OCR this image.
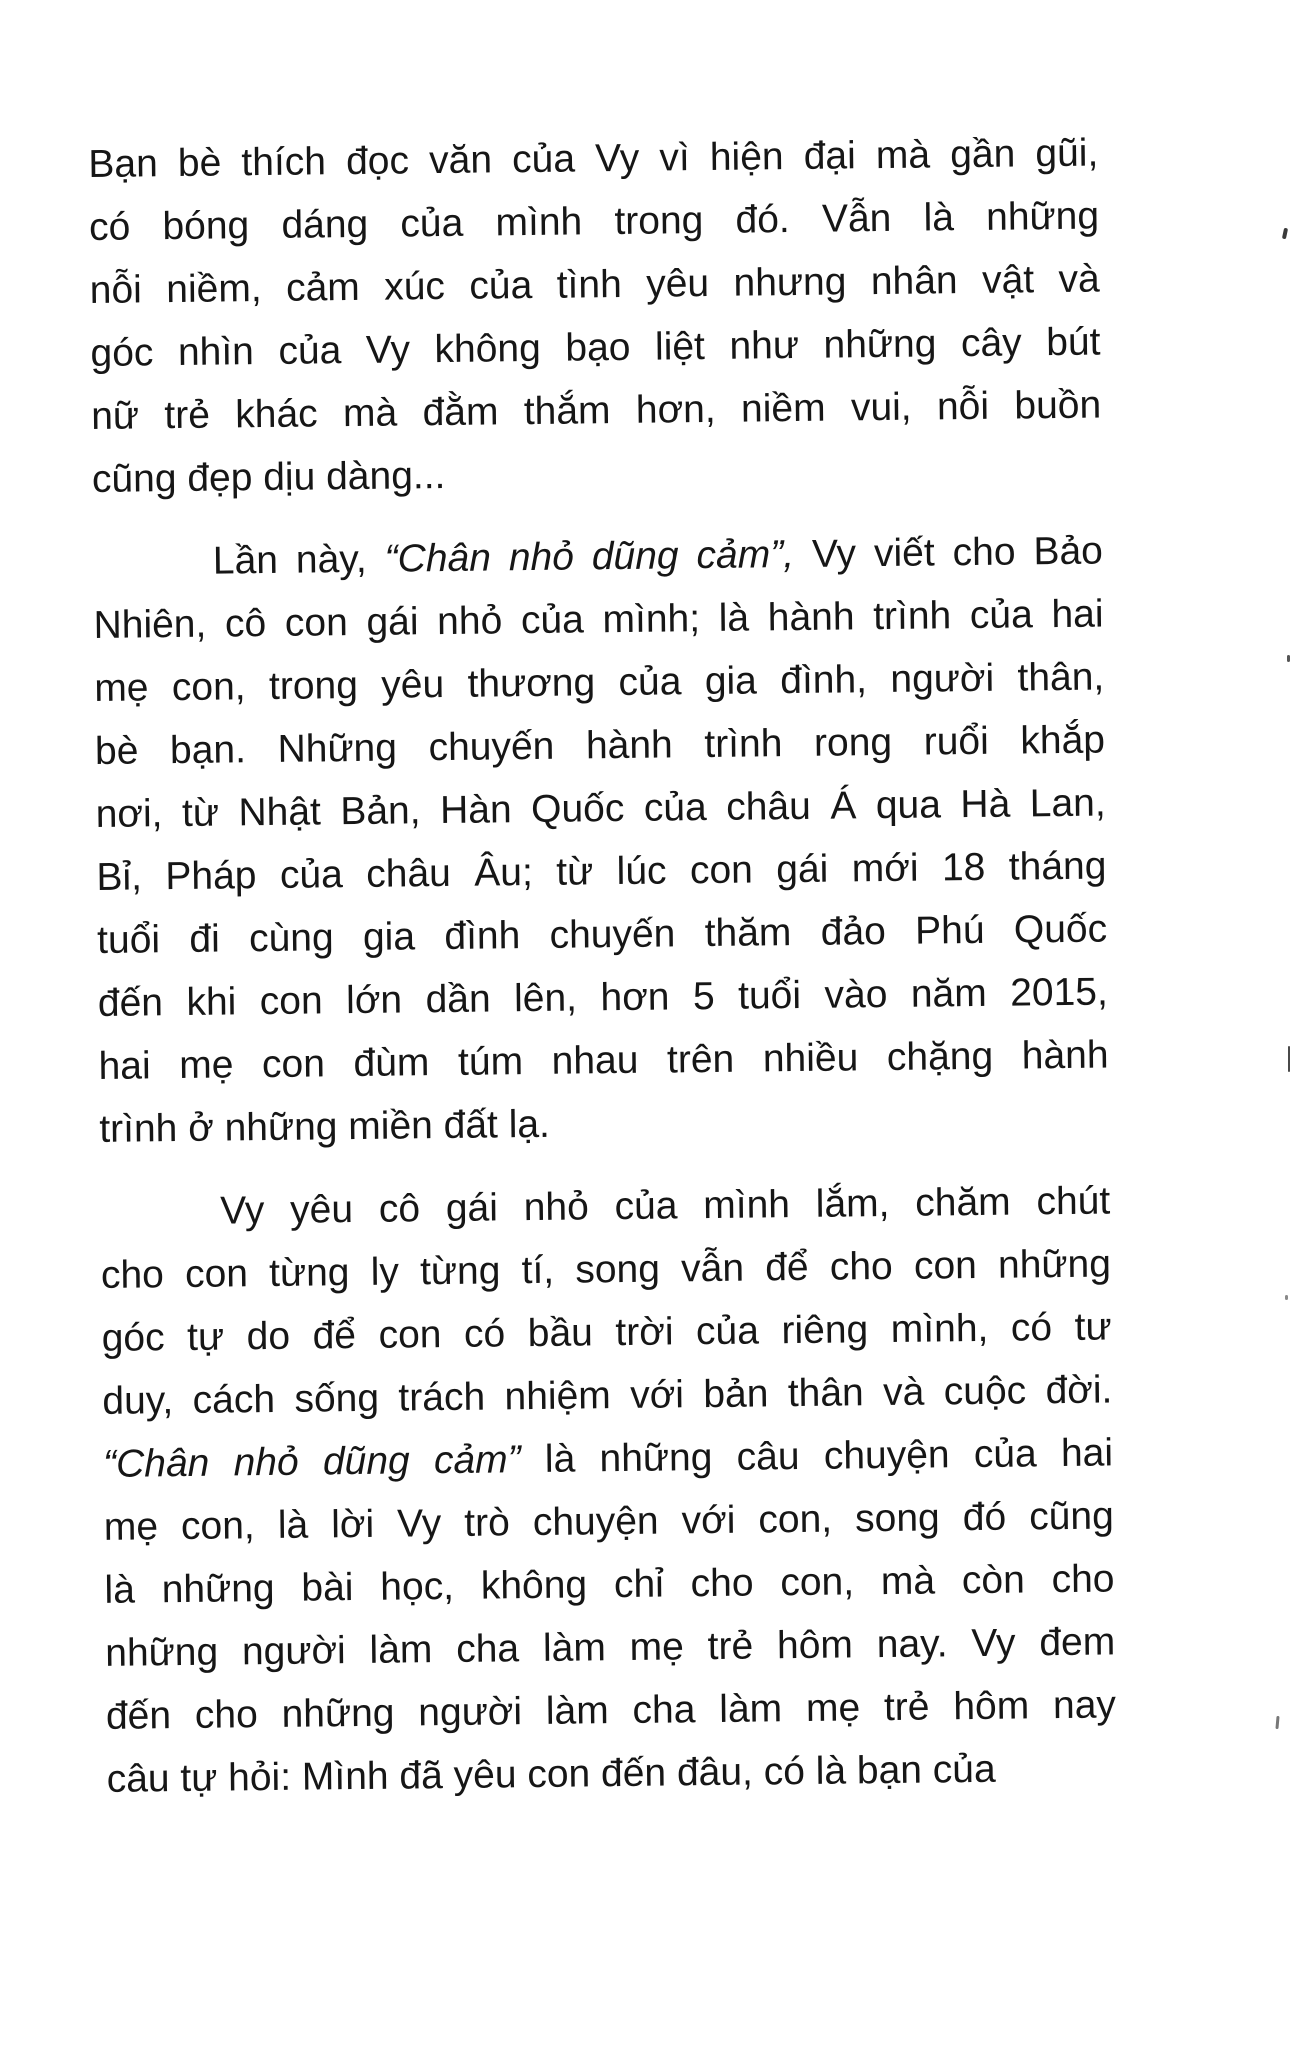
Bạn bè thích đọc văn của Vy vì hiện đại mà gần gũi,
có bóng dáng của mình trong đó. Vẫn là những
nỗi niềm, cảm xúc của tình yêu nhưng nhân vật và
góc nhìn của Vy không bạo liệt như những cây bút
nữ trẻ khác mà đằm thắm hơn, niềm vui, nỗi buồn
cũng đẹp dịu dàng...
Lần này, “Chân nhỏ dũng cảm”, Vy viết cho Bảo
Nhiên, cô con gái nhỏ của mình; là hành trình của hai
mẹ con, trong yêu thương của gia đình, người thân,
bè bạn. Những chuyến hành trình rong ruổi khắp
nơi, từ Nhật Bản, Hàn Quốc của châu Á qua Hà Lan,
Bỉ, Pháp của châu Âu; từ lúc con gái mới 18 tháng
tuổi đi cùng gia đình chuyến thăm đảo Phú Quốc
đến khi con lớn dần lên, hơn 5 tuổi vào năm 2015,
hai mẹ con đùm túm nhau trên nhiều chặng hành
trình ở những miền đất lạ.
Vy yêu cô gái nhỏ của mình lắm, chăm chút
cho con từng ly từng tí, song vẫn để cho con những
góc tự do để con có bầu trời của riêng mình, có tư
duy, cách sống trách nhiệm với bản thân và cuộc đời.
“Chân nhỏ dũng cảm” là những câu chuyện của hai
mẹ con, là lời Vy trò chuyện với con, song đó cũng
là những bài học, không chỉ cho con, mà còn cho
những người làm cha làm mẹ trẻ hôm nay. Vy đem
đến cho những người làm cha làm mẹ trẻ hôm nay
câu tự hỏi: Mình đã yêu con đến đâu, có là bạn của
